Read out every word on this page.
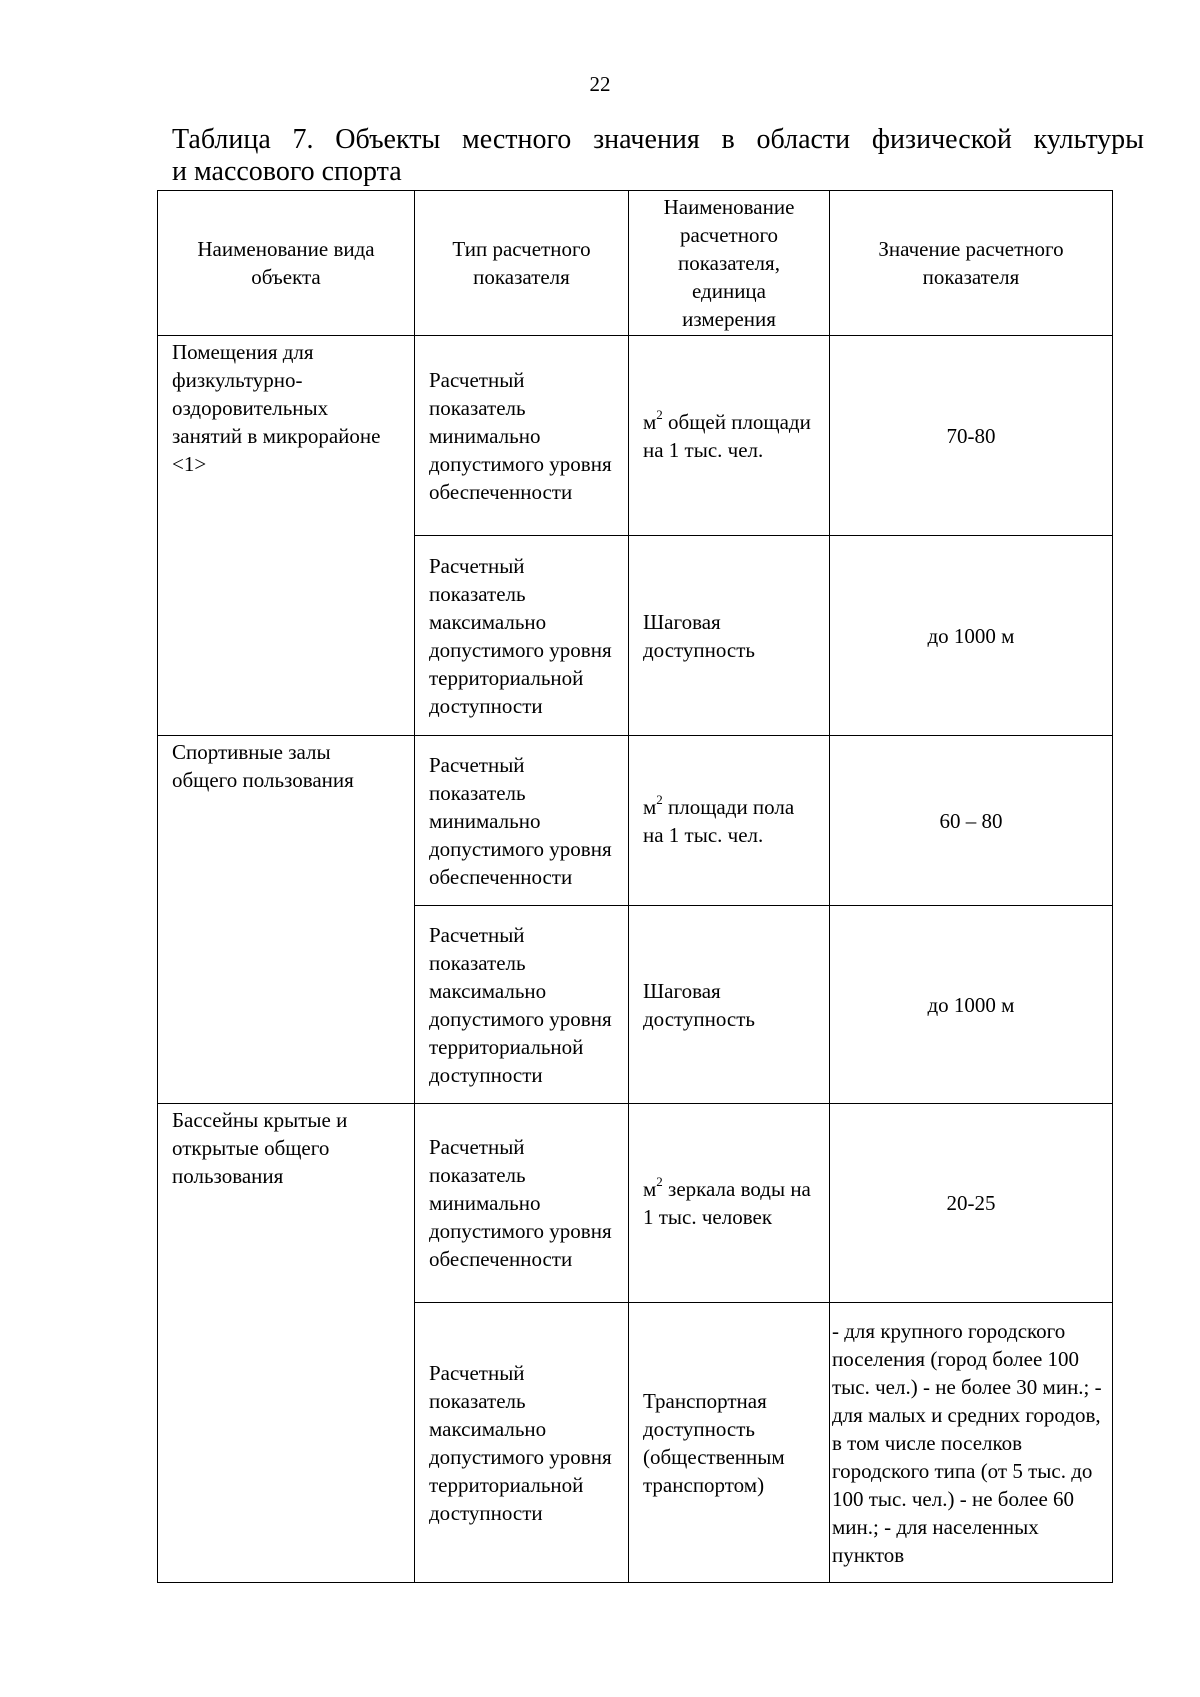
22
Таблица 7. Объекты местного значения в области физической культуры
и массового спорта
Наименование вида объекта	Тип расчетного показателя	Наименование расчетного показателя, единица измерения	Значение расчетного показателя
Помещения для физкультурно-оздоровительных занятий в микрорайоне <1>	Расчетный показатель минимально допустимого уровня обеспеченности	$м^2$ общей площади на 1 тыс. чел.	70-80
	Расчетный показатель максимально допустимого уровня территориальной доступности	Шаговая доступность	до 1000 м
Спортивные залы общего пользования	Расчетный показатель минимально допустимого уровня обеспеченности	$м^2$ площади пола на 1 тыс. чел.	60 – 80
	Расчетный показатель максимально допустимого уровня территориальной доступности	Шаговая доступность	до 1000 м
Бассейны крытые и открытые общего пользования	Расчетный показатель минимально допустимого уровня обеспеченности	$м^2$ зеркала воды на 1 тыс. человек	20-25
	Расчетный показатель максимально допустимого уровня территориальной доступности	Транспортная доступность (общественным транспортом)	- для крупного городского поселения (город более 100 тыс. чел.) - не более 30 мин.; - для малых и средних городов, в том числе поселков городского типа (от 5 тыс. до 100 тыс. чел.) - не более 60 мин.; - для населенных пунктов
